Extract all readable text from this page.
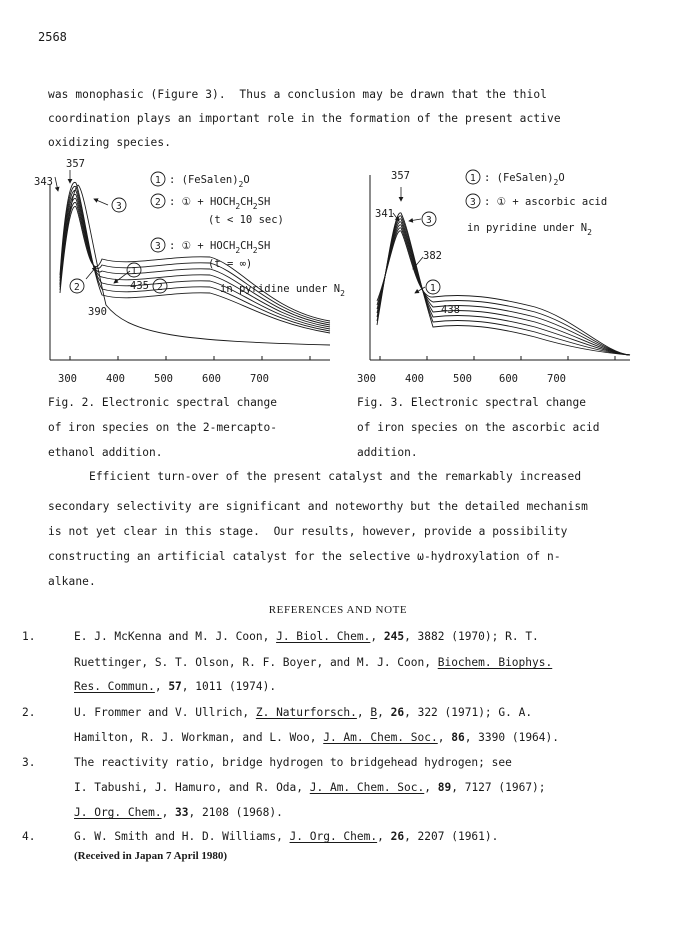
2568
was monophasic (Figure 3).  Thus a conclusion may be drawn that the thiol
coordination plays an important role in the formation of the present active
oxidizing species.
357
343
435
390
3
2
1
2
1 : $(FeSalen)_2O$
2 : ① + $HOCH_2CH_2SH$
(t < 10 sec)
3 : ① + $HOCH_2CH_2SH$
(t = ∞)
in pyridine under $N_2$
300	400	500	600	700
357
341
3
382
1
438
1 : $(FeSalen)_2O$
3 : ① + ascorbic acid
in pyridine under $N_2$
300	400	500	600	700
Fig. 2. Electronic spectral change
of iron species on the 2-mercapto-
ethanol addition.
Fig. 3. Electronic spectral change
of iron species on the ascorbic acid
addition.
Efficient turn-over of the present catalyst and the remarkably increased
secondary selectivity are significant and noteworthy but the detailed mechanism
is not yet clear in this stage.  Our results, however, provide a possibility
constructing an artificial catalyst for the selective ω-hydroxylation of n-
alkane.
REFERENCES AND NOTE
1.	E. J. McKenna and M. J. Coon, J. Biol. Chem., 245, 3882 (1970); R. T.
Ruettinger, S. T. Olson, R. F. Boyer, and M. J. Coon, Biochem. Biophys.
Res. Commun., 57, 1011 (1974).
2.	U. Frommer and V. Ullrich, Z. Naturforsch., B, 26, 322 (1971); G. A.
Hamilton, R. J. Workman, and L. Woo, J. Am. Chem. Soc., 86, 3390 (1964).
3.	The reactivity ratio, bridge hydrogen to bridgehead hydrogen; see
I. Tabushi, J. Hamuro, and R. Oda, J. Am. Chem. Soc., 89, 7127 (1967);
J. Org. Chem., 33, 2108 (1968).
4.	G. W. Smith and H. D. Williams, J. Org. Chem., 26, 2207 (1961).
(Received in Japan 7 April 1980)
